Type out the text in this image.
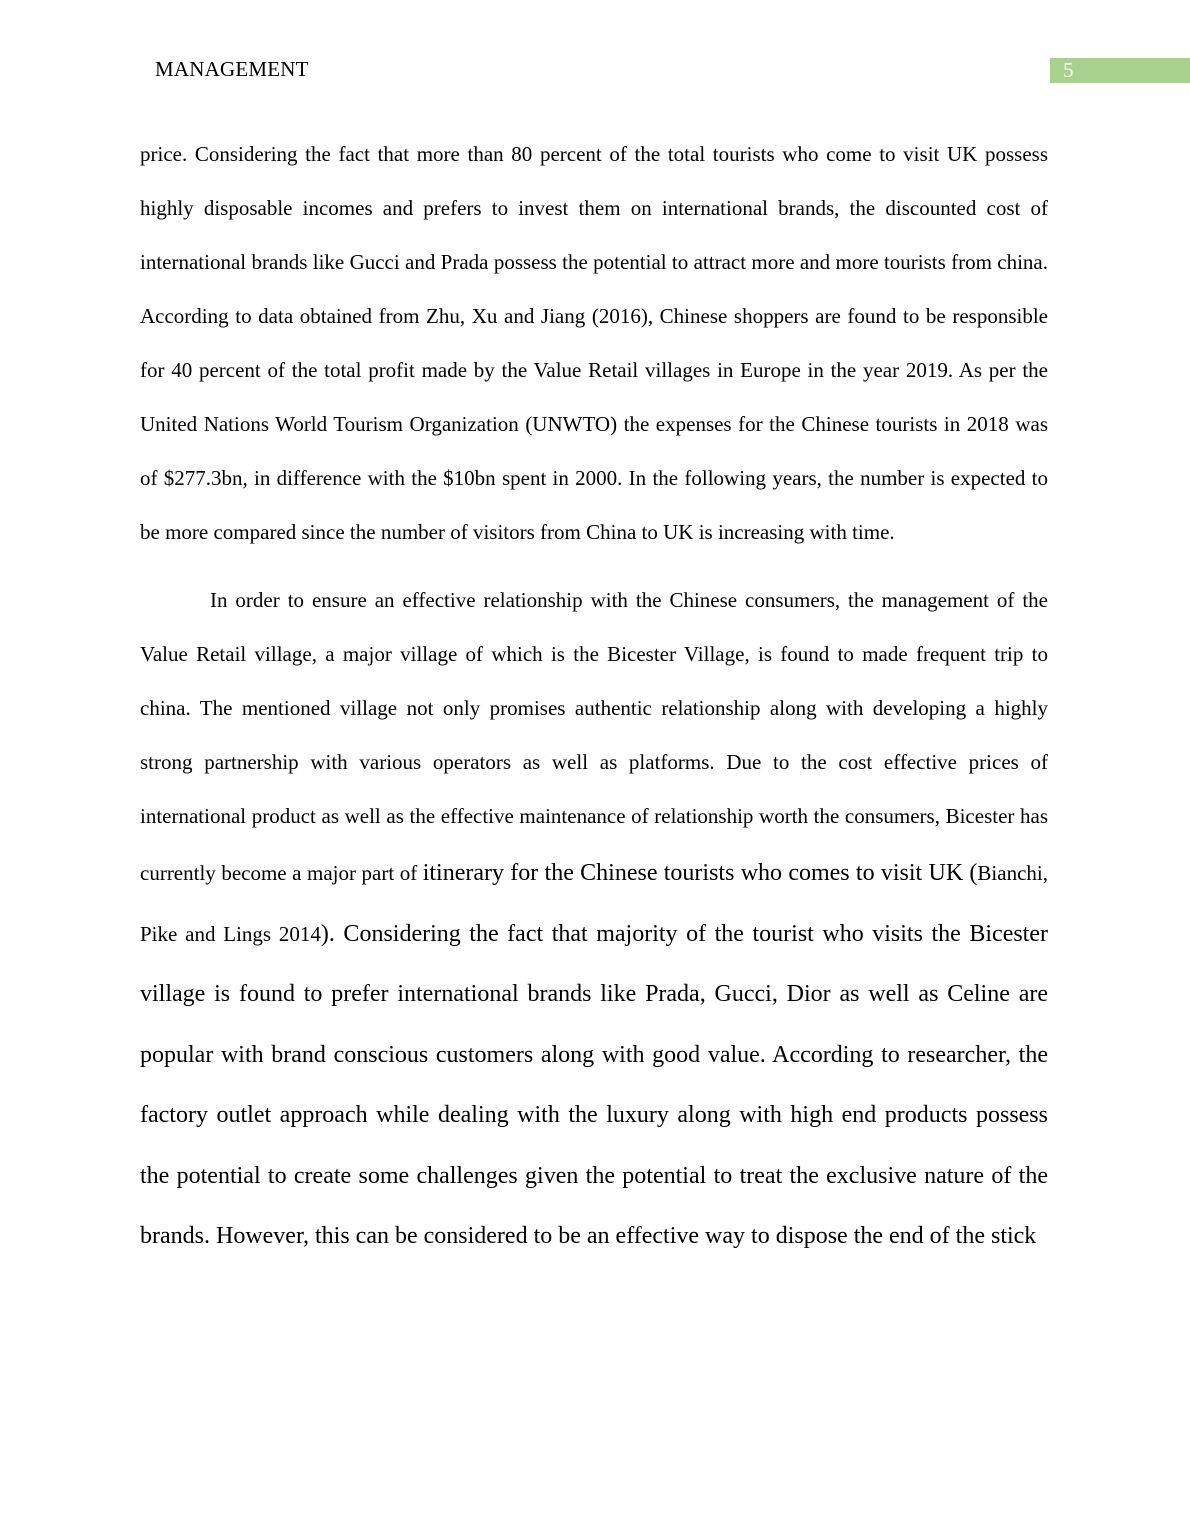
MANAGEMENT	5

price. Considering the fact that more than 80 percent of the total tourists who come to visit UK possess highly disposable incomes and prefers to invest them on international brands, the discounted cost of international brands like Gucci and Prada possess the potential to attract more and more tourists from china. According to data obtained from Zhu, Xu and Jiang (2016), Chinese shoppers are found to be responsible for 40 percent of the total profit made by the Value Retail villages in Europe in the year 2019. As per the United Nations World Tourism Organization (UNWTO) the expenses for the Chinese tourists in 2018 was of $277.3bn, in difference with the $10bn spent in 2000. In the following years, the number is expected to be more compared since the number of visitors from China to UK is increasing with time.

In order to ensure an effective relationship with the Chinese consumers, the management of the Value Retail village, a major village of which is the Bicester Village, is found to made frequent trip to china. The mentioned village not only promises authentic relationship along with developing a highly strong partnership with various operators as well as platforms. Due to the cost effective prices of international product as well as the effective maintenance of relationship worth the consumers, Bicester has currently become a major part of itinerary for the Chinese tourists who comes to visit UK (Bianchi, Pike and Lings 2014). Considering the fact that majority of the tourist who visits the Bicester village is found to prefer international brands like Prada, Gucci, Dior as well as Celine are popular with brand conscious customers along with good value. According to researcher, the factory outlet approach while dealing with the luxury along with high end products possess the potential to create some challenges given the potential to treat the exclusive nature of the brands. However, this can be considered to be an effective way to dispose the end of the stick
